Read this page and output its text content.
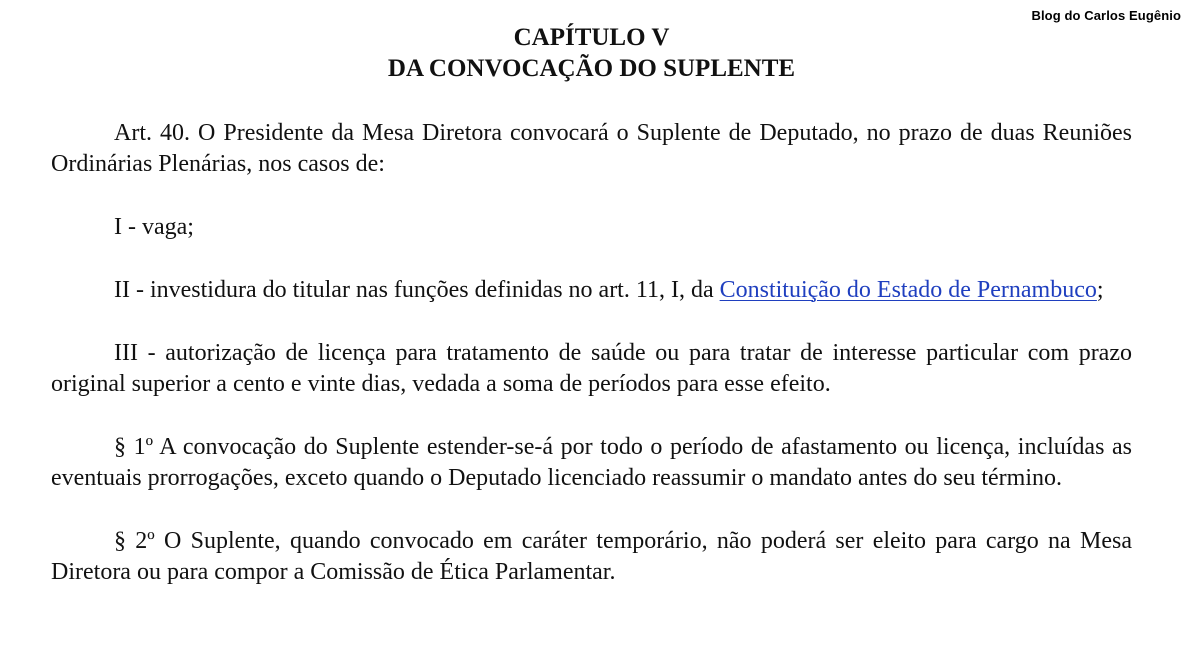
Blog do Carlos Eugênio
CAPÍTULO V
DA CONVOCAÇÃO DO SUPLENTE

Art. 40. O Presidente da Mesa Diretora convocará o Suplente de Deputado, no prazo de duas Reuniões Ordinárias Plenárias, nos casos de:

I - vaga;

II - investidura do titular nas funções definidas no art. 11, I, da Constituição do Estado de Pernambuco;

III - autorização de licença para tratamento de saúde ou para tratar de interesse particular com prazo original superior a cento e vinte dias, vedada a soma de períodos para esse efeito.

§ 1º A convocação do Suplente estender-se-á por todo o período de afastamento ou licença, incluídas as eventuais prorrogações, exceto quando o Deputado licenciado reassumir o mandato antes do seu término.

§ 2º O Suplente, quando convocado em caráter temporário, não poderá ser eleito para cargo na Mesa Diretora ou para compor a Comissão de Ética Parlamentar.
